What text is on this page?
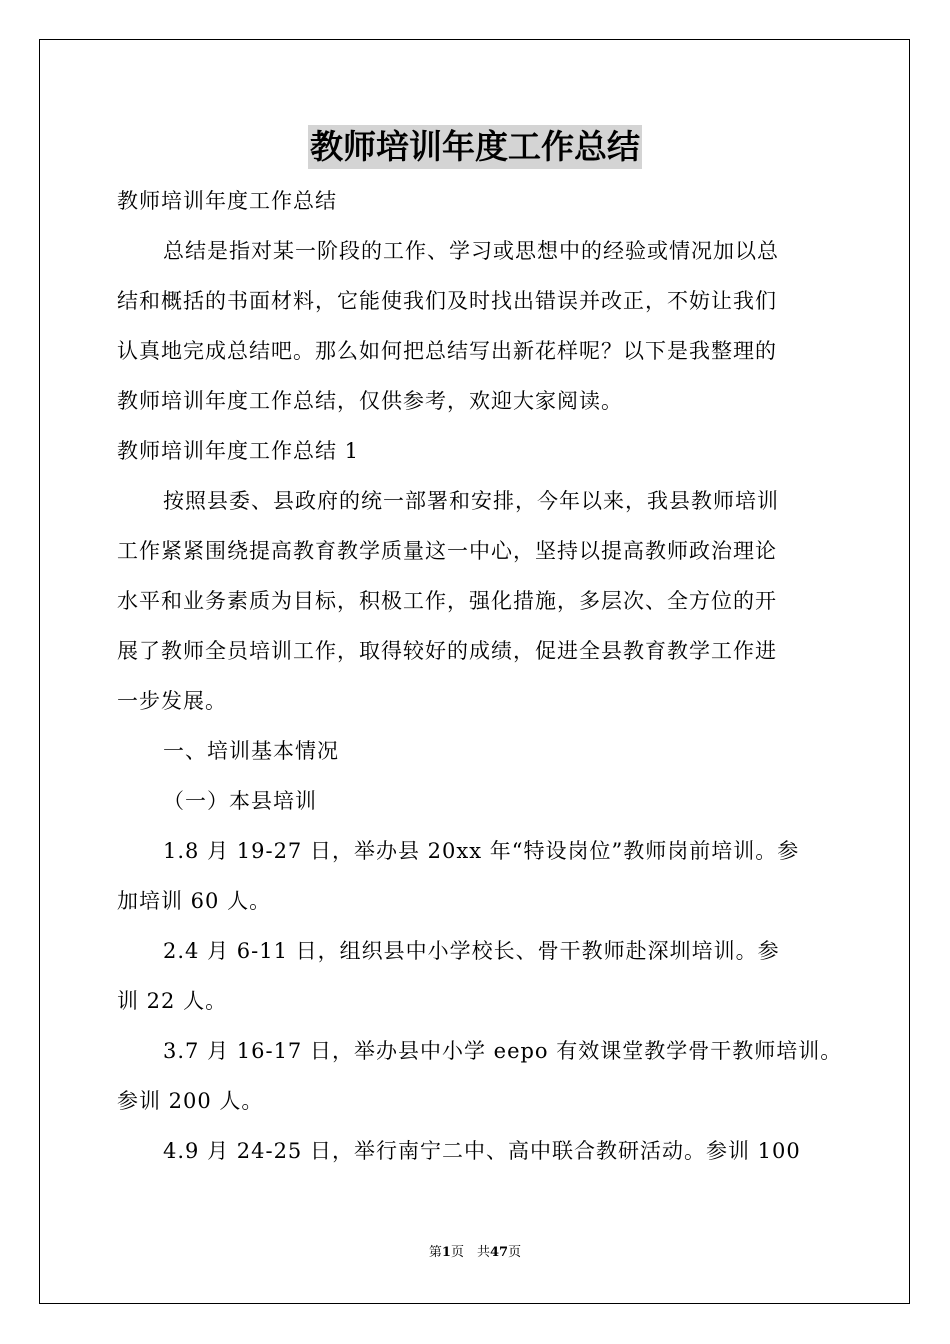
教师培训年度工作总结

教师培训年度工作总结

总结是指对某一阶段的工作、学习或思想中的经验或情况加以总

结和概括的书面材料，它能使我们及时找出错误并改正，不妨让我们

认真地完成总结吧。那么如何把总结写出新花样呢？以下是我整理的

教师培训年度工作总结，仅供参考，欢迎大家阅读。

教师培训年度工作总结 1

按照县委、县政府的统一部署和安排，今年以来，我县教师培训

工作紧紧围绕提高教育教学质量这一中心，坚持以提高教师政治理论

水平和业务素质为目标，积极工作，强化措施，多层次、全方位的开

展了教师全员培训工作，取得较好的成绩，促进全县教育教学工作进

一步发展。

一、培训基本情况

（一）本县培训

1.8 月 19-27 日，举办县 20xx 年“特设岗位”教师岗前培训。参

加培训 60 人。

2.4 月 6-11 日，组织县中小学校长、骨干教师赴深圳培训。参

训 22 人。

3.7 月 16-17 日，举办县中小学 eepo 有效课堂教学骨干教师培训。

参训 200 人。

4.9 月 24-25 日，举行南宁二中、高中联合教研活动。参训 100

第1页　共47页
